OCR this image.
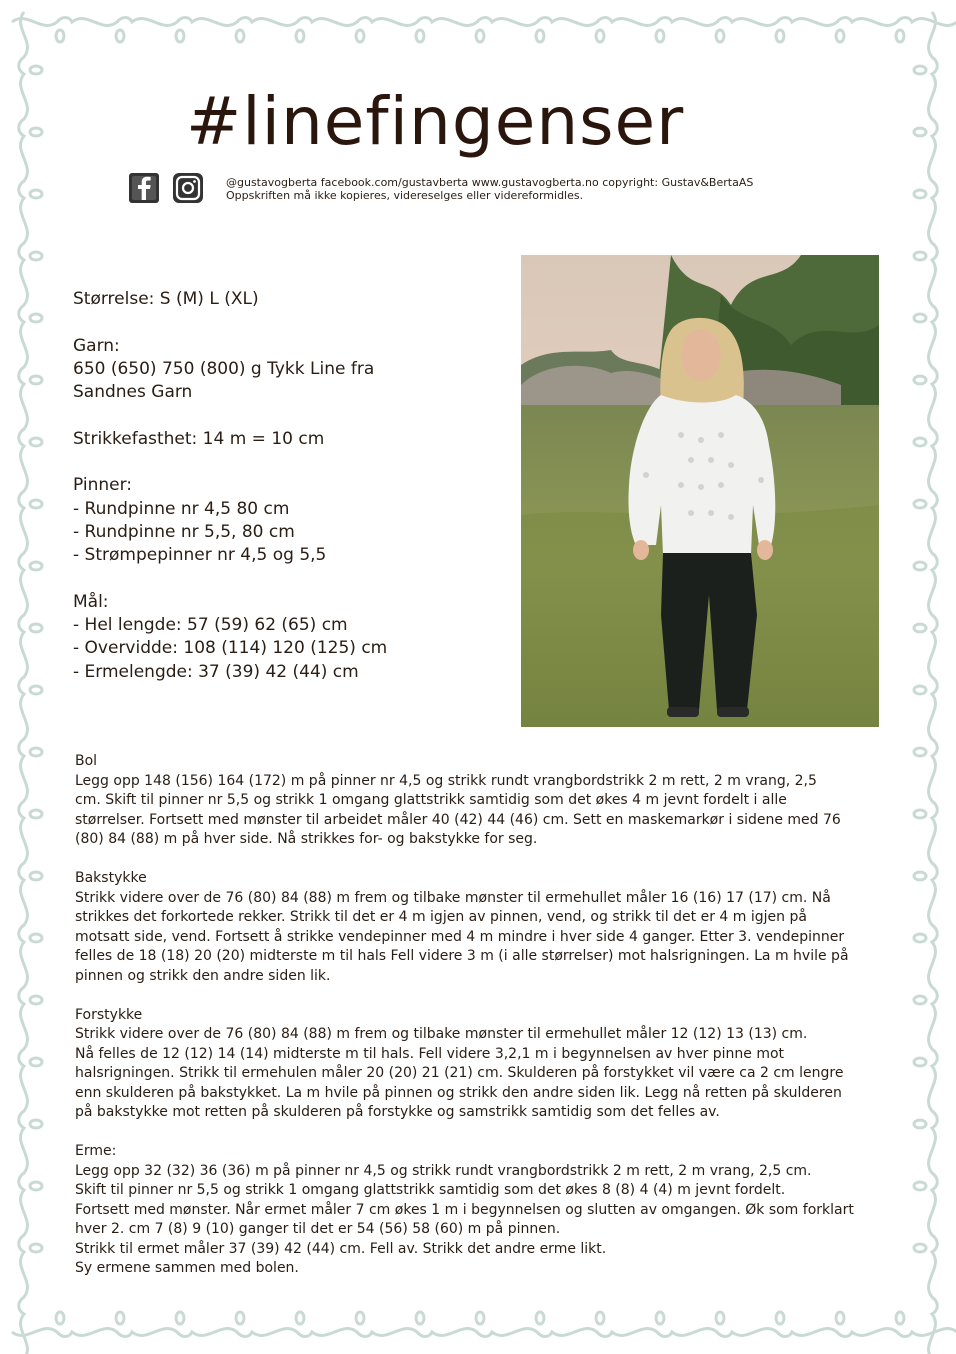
#linefingenser
@gustavogberta facebook.com/gustavberta www.gustavogberta.no copyright: Gustav&BertaAS
Oppskriften må ikke kopieres, videreselges eller videreformidles.

Størrelse: S (M) L (XL)

Garn:

650 (650) 750 (800) g Tykk Line fra

Sandnes Garn

Strikkefasthet: 14 m = 10 cm

Pinner:

- Rundpinne nr 4,5 80 cm

- Rundpinne nr 5,5, 80 cm

- Strømpepinner nr 4,5 og 5,5

Mål:

- Hel lengde: 57 (59) 62 (65) cm

- Overvidde: 108 (114) 120 (125) cm

- Ermelengde: 37 (39) 42 (44) cm

Bol

Legg opp 148 (156) 164 (172) m på pinner nr 4,5 og strikk rundt vrangbordstrikk 2 m rett, 2 m vrang, 2,5

cm. Skift til pinner nr 5,5 og strikk 1 omgang glattstrikk samtidig som det økes 4 m jevnt fordelt i alle

størrelser. Fortsett med mønster til arbeidet måler 40 (42) 44 (46) cm. Sett en maskemarkør i sidene med 76

(80) 84 (88) m på hver side. Nå strikkes for- og bakstykke for seg.

Bakstykke

Strikk videre over de 76 (80) 84 (88) m frem og tilbake mønster til ermehullet måler 16 (16) 17 (17) cm. Nå

strikkes det forkortede rekker. Strikk til det er 4 m igjen av pinnen, vend, og strikk til det er 4 m igjen på

motsatt side, vend. Fortsett å strikke vendepinner med 4 m mindre i hver side 4 ganger. Etter 3. vendepinner

felles de 18 (18) 20 (20) midterste m til hals Fell videre 3 m (i alle størrelser) mot halsrigningen. La m hvile på

pinnen og strikk den andre siden lik.

Forstykke

Strikk videre over de 76 (80) 84 (88) m frem og tilbake mønster til ermehullet måler 12 (12) 13 (13) cm.

Nå felles de 12 (12) 14 (14) midterste m til hals. Fell videre 3,2,1 m i begynnelsen av hver pinne mot

halsrigningen. Strikk til ermehulen måler 20 (20) 21 (21) cm. Skulderen på forstykket vil være ca 2 cm lengre

enn skulderen på bakstykket. La m hvile på pinnen og strikk den andre siden lik. Legg nå retten på skulderen

på bakstykke mot retten på skulderen på forstykke og samstrikk samtidig som det felles av.

Erme:

Legg opp 32 (32) 36 (36) m på pinner nr 4,5 og strikk rundt vrangbordstrikk 2 m rett, 2 m vrang, 2,5 cm.

Skift til pinner nr 5,5 og strikk 1 omgang glattstrikk samtidig som det økes 8 (8) 4 (4) m jevnt fordelt.

Fortsett med mønster. Når ermet måler 7 cm økes 1 m i begynnelsen og slutten av omgangen. Øk som forklart

hver 2. cm 7 (8) 9 (10) ganger til det er 54 (56) 58 (60) m på pinnen.

Strikk til ermet måler 37 (39) 42 (44) cm. Fell av. Strikk det andre erme likt.

Sy ermene sammen med bolen.
